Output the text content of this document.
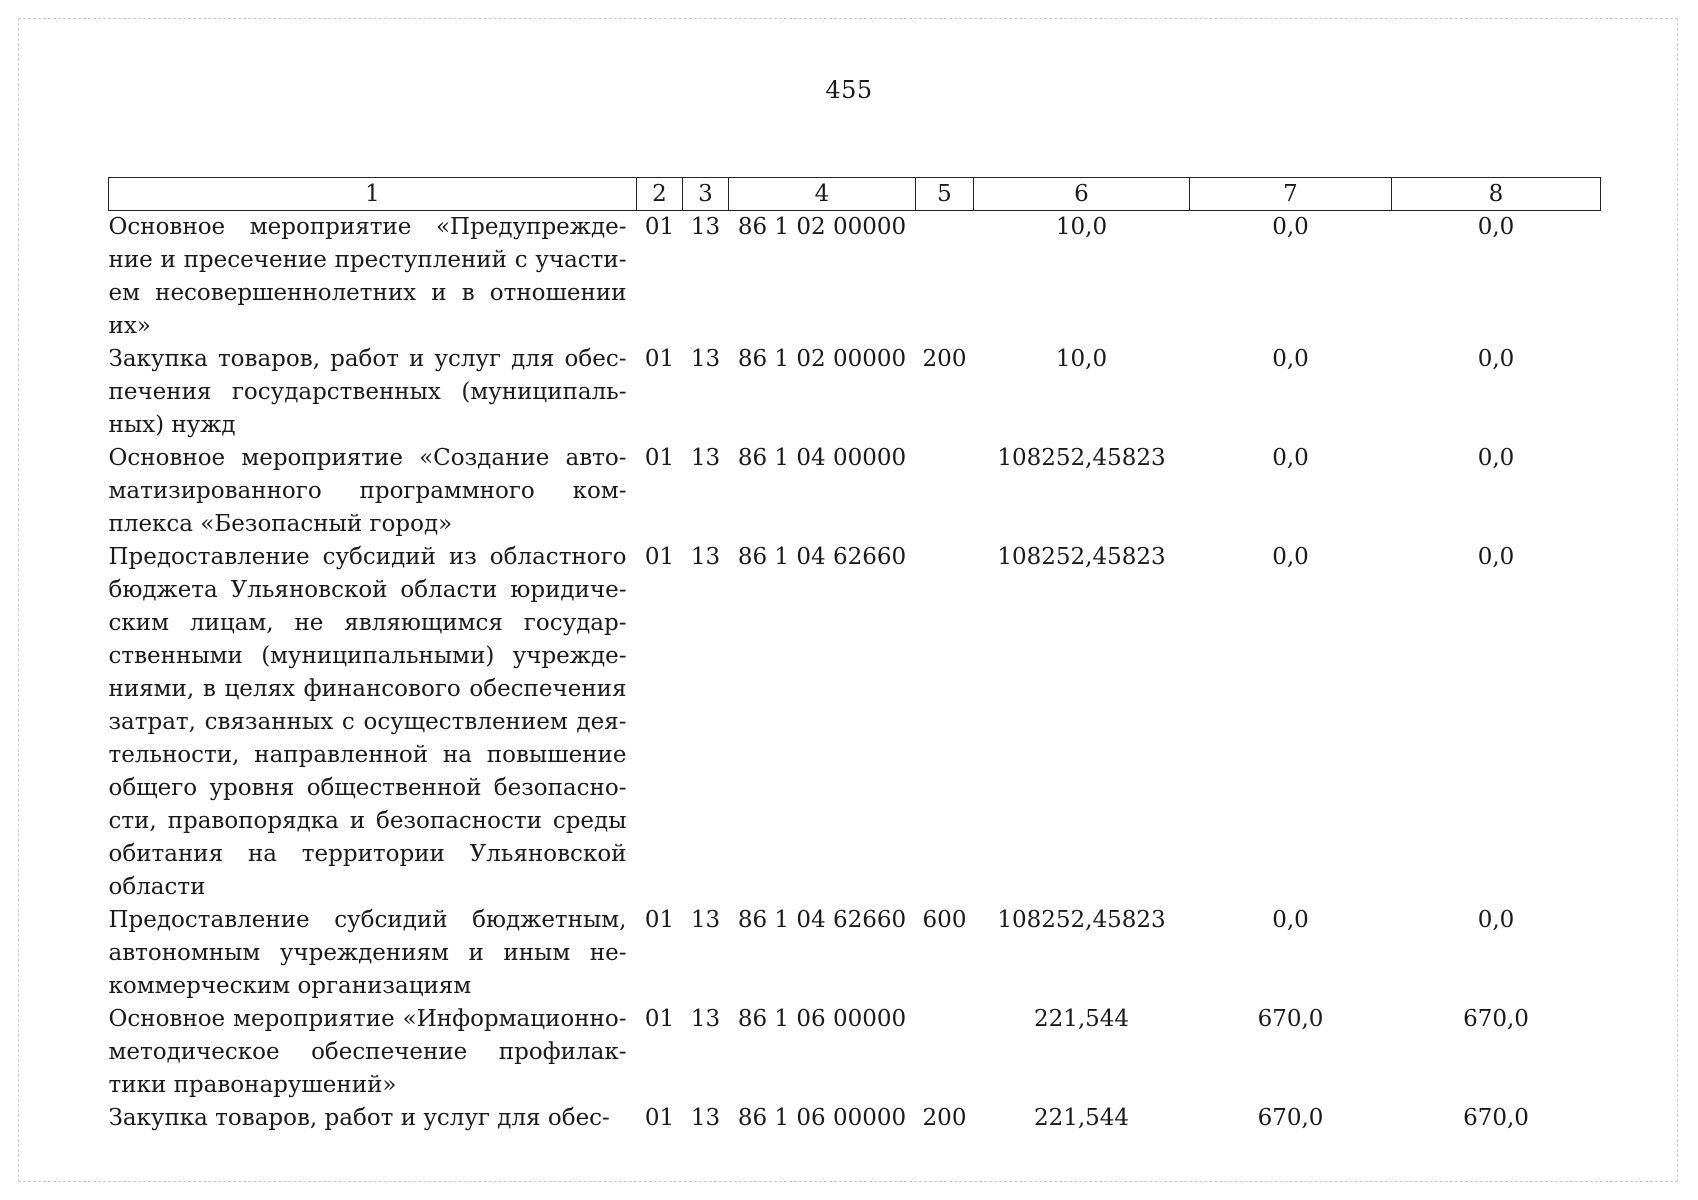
455
1	2	3	4	5	6	7	8
Основное мероприятие «Предупреждение и пресечение преступлений с участием несовершеннолетних и в отношении их»	01	13	86 1 02 00000		10,0	0,0	0,0
Закупка товаров, работ и услуг для обеспечения государственных (муниципальных) нужд	01	13	86 1 02 00000	200	10,0	0,0	0,0
Основное мероприятие «Создание автоматизированного программного комплекса «Безопасный город»	01	13	86 1 04 00000		108252,45823	0,0	0,0
Предоставление субсидий из областного бюджета Ульяновской области юридическим лицам, не являющимся государственными (муниципальными) учреждениями, в целях финансового обеспечения затрат, связанных с осуществлением деятельности, направленной на повышение общего уровня общественной безопасности, правопорядка и безопасности среды обитания на территории Ульяновской области	01	13	86 1 04 62660		108252,45823	0,0	0,0
Предоставление субсидий бюджетным, автономным учреждениям и иным некоммерческим организациям	01	13	86 1 04 62660	600	108252,45823	0,0	0,0
Основное мероприятие «Информационно-методическое обеспечение профилактики правонарушений»	01	13	86 1 06 00000		221,544	670,0	670,0
Закупка товаров, работ и услуг для обес-	01	13	86 1 06 00000	200	221,544	670,0	670,0
